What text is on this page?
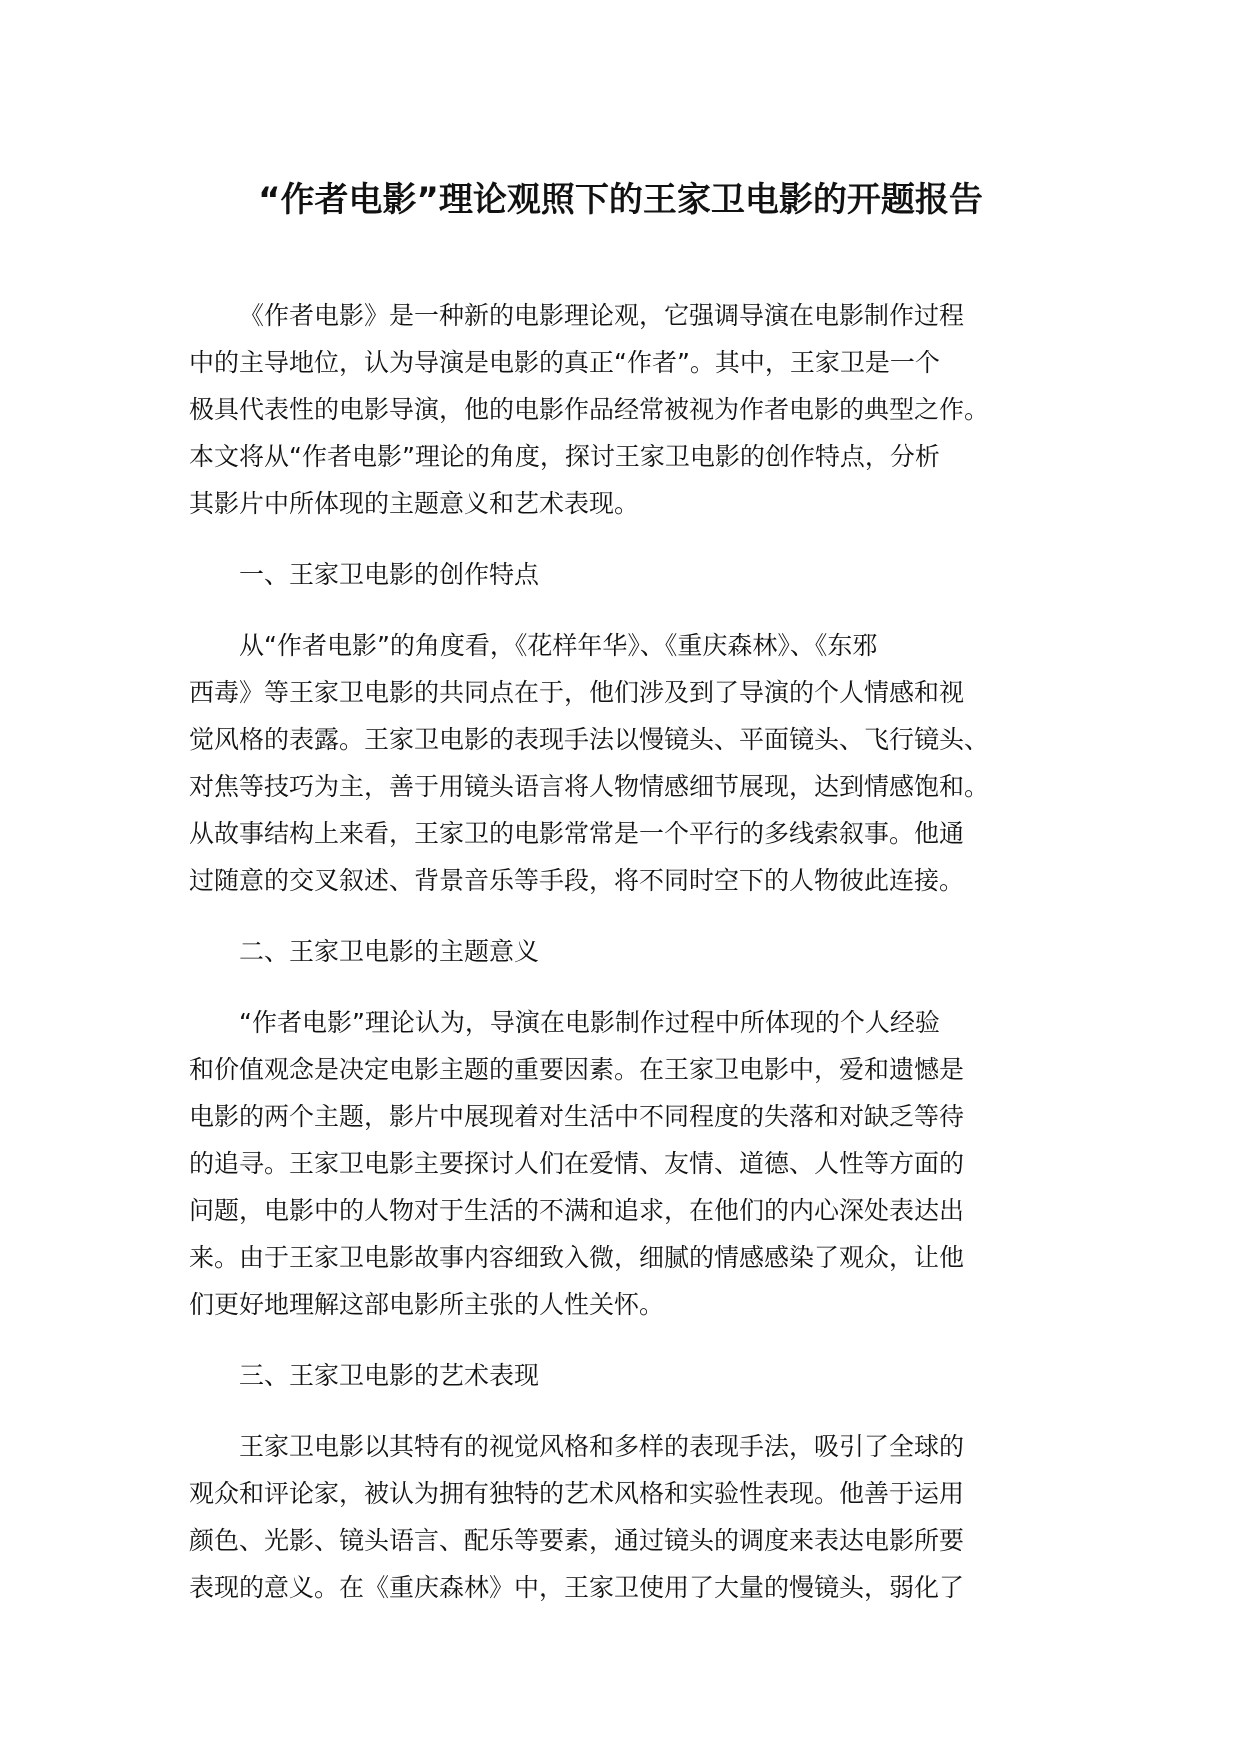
“作者电影”理论观照下的王家卫电影的开题报告
《作者电影》是一种新的电影理论观，它强调导演在电影制作过程
中的主导地位，认为导演是电影的真正“作者”。其中，王家卫是一个
极具代表性的电影导演，他的电影作品经常被视为作者电影的典型之作。
本文将从“作者电影”理论的角度，探讨王家卫电影的创作特点，分析
其影片中所体现的主题意义和艺术表现。
一、王家卫电影的创作特点
从“作者电影”的角度看，《花样年华》、《重庆森林》、《东邪
西毒》等王家卫电影的共同点在于，他们涉及到了导演的个人情感和视
觉风格的表露。王家卫电影的表现手法以慢镜头、平面镜头、飞行镜头、
对焦等技巧为主，善于用镜头语言将人物情感细节展现，达到情感饱和。
从故事结构上来看，王家卫的电影常常是一个平行的多线索叙事。他通
过随意的交叉叙述、背景音乐等手段，将不同时空下的人物彼此连接。
二、王家卫电影的主题意义
“作者电影”理论认为，导演在电影制作过程中所体现的个人经验
和价值观念是决定电影主题的重要因素。在王家卫电影中，爱和遗憾是
电影的两个主题，影片中展现着对生活中不同程度的失落和对缺乏等待
的追寻。王家卫电影主要探讨人们在爱情、友情、道德、人性等方面的
问题，电影中的人物对于生活的不满和追求，在他们的内心深处表达出
来。由于王家卫电影故事内容细致入微，细腻的情感感染了观众，让他
们更好地理解这部电影所主张的人性关怀。
三、王家卫电影的艺术表现
王家卫电影以其特有的视觉风格和多样的表现手法，吸引了全球的
观众和评论家，被认为拥有独特的艺术风格和实验性表现。他善于运用
颜色、光影、镜头语言、配乐等要素，通过镜头的调度来表达电影所要
表现的意义。在《重庆森林》中，王家卫使用了大量的慢镜头，弱化了
